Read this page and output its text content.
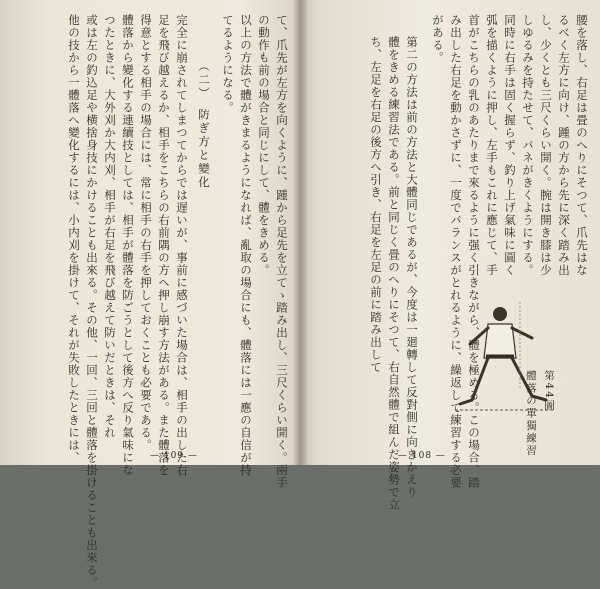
て、爪先が左方を向くように、踵から足先を立てゝ踏み出し、三尺くらい開く。兩手
の動作も前の場合と同じにして、體をきめる。
以上の方法で體がきまるようになれば、亂取の場合にも、體落には一應の自信が持
てるようになる。
（二）　防ぎ方と變化
完全に崩されてしまつてからでは遅いが、事前に感づいた場合は、相手の出した右
足を飛び越えるか、相手をこちらの右前隅の方へ押し崩す方法がある。また體落を
得意とする相手の場合には、常に相手の右手を押しておくことも必要である。
體落から變化する連續技としては、相手が體落を防ごうとして後方へ反り氣味にな
つたときに、大外刈か大内刈、相手が右足を飛び越えて防いだときは、それ
或は左の釣込足や横捨身技にかけることも出來る。その他、一回、三回と體落を掛けることも出來る。
他の技から一體落へ變化するには、小内刈を掛けて、それが失敗したときには、	— 109 —
腰を落し、右足は畳のへりにそつて、爪先はな
るべく左方に向け、踵の方から先に深く踏み出
し、少くとも三尺くらい開く。腕は開き膝は少
しゆるみを持たせて、バネがきくようにする。
同時に右手は固く握らず、釣り上げ氣味に圓く
弧を描くように押し、左手もこれに應じて、手
首がこちらの乳のあたりまで來るように强く引きながら、體を極める。この場合、踏
み出した右足を動かさずに、一度でバランスがとれるように、繰返して練習する必要
がある。
第二の方法は前の方法と大體同じであるが、今度は一廻轉して反對側に向きかえり
體をきめる練習法である。前と同じく畳のへりにそつて、右自然體で組んだ姿勢で立
ち、左足を右足の後方へ引き、右足を左足の前に踏み出して
— 108 —
第44圖
體落の單獨練習
